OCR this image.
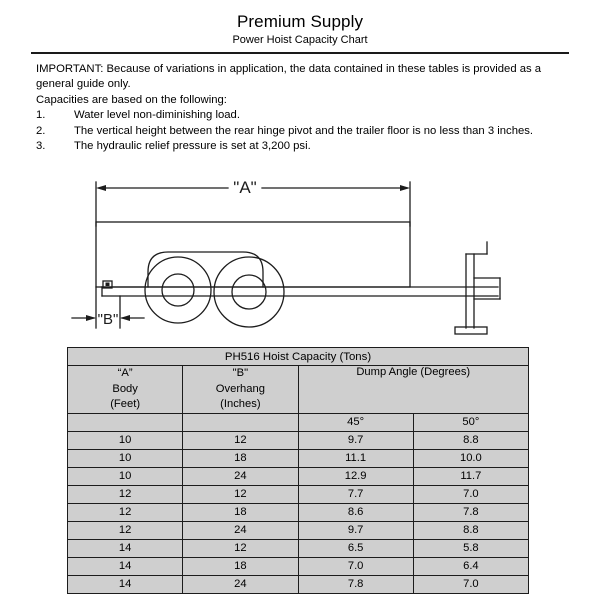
Premium Supply
Power Hoist Capacity Chart

IMPORTANT: Because of variations in application, the data contained in these tables is provided as a general guide only.

Capacities are based on the following:

1.	Water level non-diminishing load.
2.	The vertical height between the rear hinge pivot and the trailer floor is no less than 3 inches.
3.	The hydraulic relief pressure is set at 3,200 psi.
"A"
"B"
PH516 Hoist Capacity (Tons)			

“A”
Body
(Feet)

"B"
Overhang
(Inches)
	Dump Angle (Degrees)
		45°	50°
10	12	9.7	8.8
10	18	11.1	10.0
10	24	12.9	11.7
12	12	7.7	7.0
12	18	8.6	7.8
12	24	9.7	8.8
14	12	6.5	5.8
14	18	7.0	6.4
14	24	7.8	7.0
